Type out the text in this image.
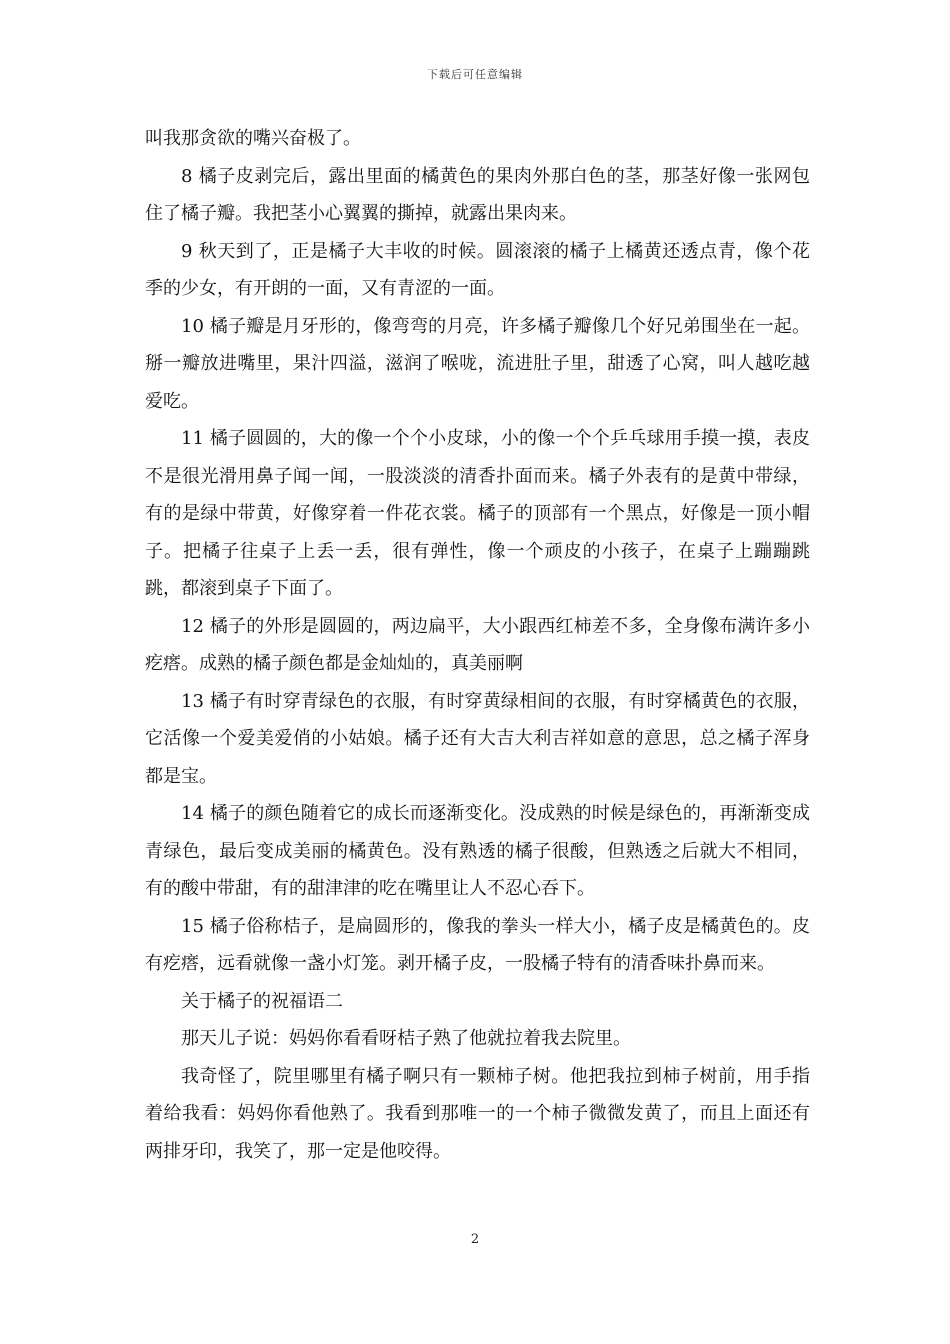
下载后可任意编辑

叫我那贪欲的嘴兴奋极了。

8 橘子皮剥完后，露出里面的橘黄色的果肉外那白色的茎，那茎好像一张网包住了橘子瓣。我把茎小心翼翼的撕掉，就露出果肉来。

9 秋天到了，正是橘子大丰收的时候。圆滚滚的橘子上橘黄还透点青，像个花季的少女，有开朗的一面，又有青涩的一面。

10 橘子瓣是月牙形的，像弯弯的月亮，许多橘子瓣像几个好兄弟围坐在一起。掰一瓣放进嘴里，果汁四溢，滋润了喉咙，流进肚子里，甜透了心窝，叫人越吃越爱吃。

11 橘子圆圆的，大的像一个个小皮球，小的像一个个乒乓球用手摸一摸，表皮不是很光滑用鼻子闻一闻，一股淡淡的清香扑面而来。橘子外表有的是黄中带绿，有的是绿中带黄，好像穿着一件花衣裳。橘子的顶部有一个黑点，好像是一顶小帽子。把橘子往桌子上丢一丢，很有弹性，像一个顽皮的小孩子，在桌子上蹦蹦跳跳，都滚到桌子下面了。

12 橘子的外形是圆圆的，两边扁平，大小跟西红柿差不多，全身像布满许多小疙瘩。成熟的橘子颜色都是金灿灿的，真美丽啊

13 橘子有时穿青绿色的衣服，有时穿黄绿相间的衣服，有时穿橘黄色的衣服，它活像一个爱美爱俏的小姑娘。橘子还有大吉大利吉祥如意的意思，总之橘子浑身都是宝。

14 橘子的颜色随着它的成长而逐渐变化。没成熟的时候是绿色的，再渐渐变成青绿色，最后变成美丽的橘黄色。没有熟透的橘子很酸，但熟透之后就大不相同，有的酸中带甜，有的甜津津的吃在嘴里让人不忍心吞下。

15 橘子俗称桔子，是扁圆形的，像我的拳头一样大小，橘子皮是橘黄色的。皮有疙瘩，远看就像一盏小灯笼。剥开橘子皮，一股橘子特有的清香味扑鼻而来。

关于橘子的祝福语二

那天儿子说：妈妈你看看呀桔子熟了他就拉着我去院里。

我奇怪了，院里哪里有橘子啊只有一颗柿子树。他把我拉到柿子树前，用手指着给我看：妈妈你看他熟了。我看到那唯一的一个柿子微微发黄了，而且上面还有两排牙印，我笑了，那一定是他咬得。

2
